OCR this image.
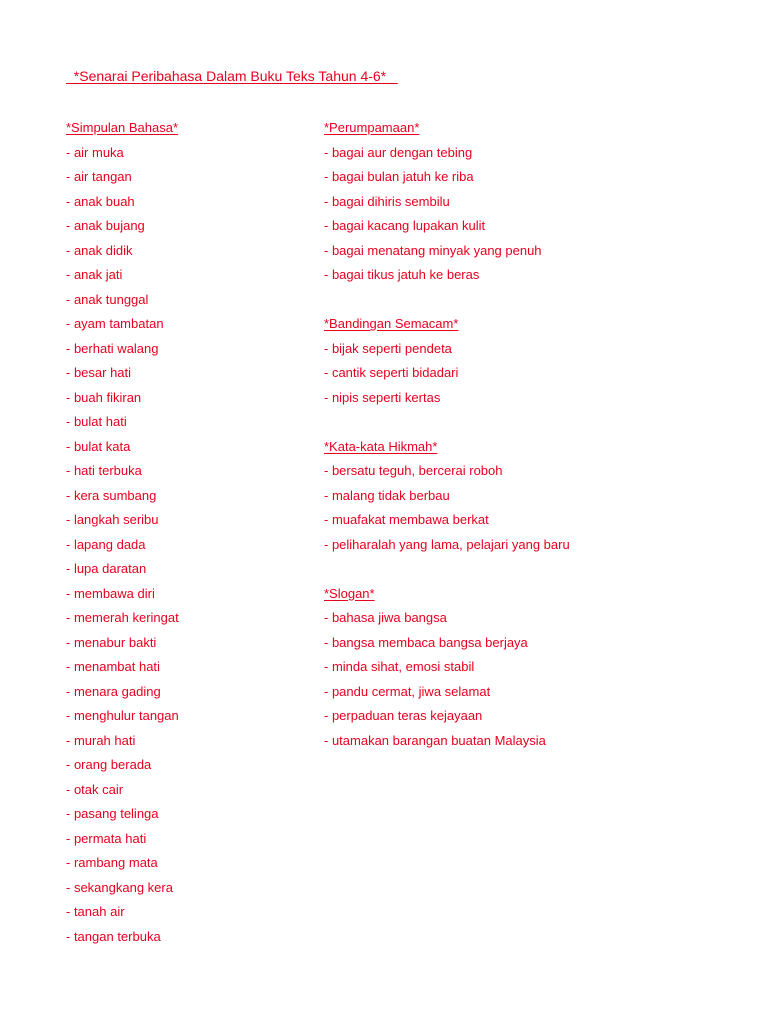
*Senarai Peribahasa Dalam Buku Teks Tahun 4-6*
*Simpulan Bahasa*
- air muka
- air tangan
- anak buah
- anak bujang
- anak didik
- anak jati
- anak tunggal
- ayam tambatan
- berhati walang
- besar hati
- buah fikiran
- bulat hati
- bulat kata
- hati terbuka
- kera sumbang
- langkah seribu
- lapang dada
- lupa daratan
- membawa diri
- memerah keringat
- menabur bakti
- menambat hati
- menara gading
- menghulur tangan
- murah hati
- orang berada
- otak cair
- pasang telinga
- permata hati
- rambang mata
- sekangkang kera
- tanah air
- tangan terbuka
*Perumpamaan*
- bagai aur dengan tebing
- bagai bulan jatuh ke riba
- bagai dihiris sembilu
- bagai kacang lupakan kulit
- bagai menatang minyak yang penuh
- bagai tikus jatuh ke beras
*Bandingan Semacam*
- bijak seperti pendeta
- cantik seperti bidadari
- nipis seperti kertas
*Kata-kata Hikmah*
- bersatu teguh, bercerai roboh
- malang tidak berbau
- muafakat membawa berkat
- peliharalah yang lama, pelajari yang baru
*Slogan*
- bahasa jiwa bangsa
- bangsa membaca bangsa berjaya
- minda sihat, emosi stabil
- pandu cermat, jiwa selamat
- perpaduan teras kejayaan
- utamakan barangan buatan Malaysia
